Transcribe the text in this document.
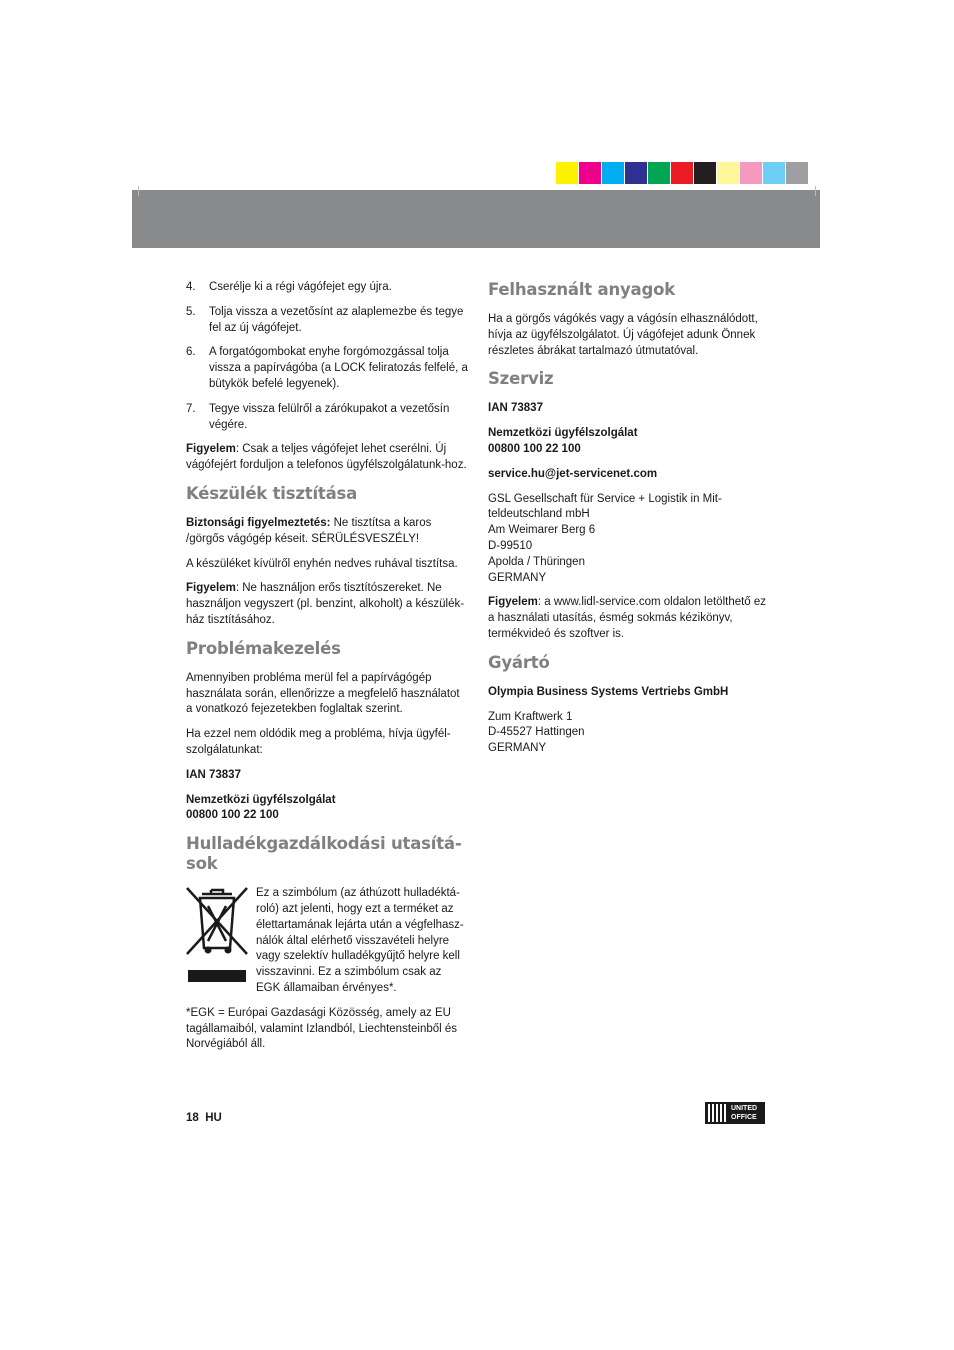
4. Cserélje ki a régi vágófejet egy újra.
5. Tolja vissza a vezetősínt az alaplemezbe és tegye fel az új vágófejet.
6. A forgatógombokat enyhe forgómozgással tolja vissza a papírvágóba (a LOCK feliratozás felfelé, a bütykök befelé legyenek).
7. Tegye vissza felülről a zárókupakot a vezetősín végére.

Figyelem: Csak a teljes vágófejet lehet cserélni. Új vágófejért forduljon a telefonos ügyfélszolgálatunk-hoz.

Készülék tisztítása

Biztonsági figyelmeztetés: Ne tisztítsa a karos /görgős vágógép késeit. SÉRÜLÉSVESZÉLY!

A készüléket kívülről enyhén nedves ruhával tisztítsa.

Figyelem: Ne használjon erős tisztítószereket. Ne használjon vegyszert (pl. benzint, alkoholt) a készülék-ház tisztításához.

Problémakezelés

Amennyiben probléma merül fel a papírvágógép használata során, ellenőrizze a megfelelő használatot a vonatkozó fejezetekben foglaltak szerint.

Ha ezzel nem oldódik meg a probléma, hívja ügyfél-szolgálatunkat:

IAN 73837

Nemzetközi ügyfélszolgálat
00800 100 22 100

Hulladékgazdálkodási utasítá-sok
Ez a szimbólum (az áthúzott hulladéktá-roló) azt jelenti, hogy ezt a terméket az élettartamának lejárta után a végfelhasz-nálók által elérhető visszavételi helyre vagy szelektív hulladékgyűjtő helyre kell visszavinni. Ez a szimbólum csak az EGK államaiban érvényes*.

*EGK = Európai Gazdasági Közösség, amely az EU tagállamaiból, valamint Izlandból, Liechtensteinből és Norvégiából áll.

Felhasznált anyagok

Ha a görgős vágókés vagy a vágósín elhasználódott, hívja az ügyfélszolgálatot. Új vágófejet adunk Önnek részletes ábrákat tartalmazó útmutatóval.

Szerviz

IAN 73837

Nemzetközi ügyfélszolgálat
00800 100 22 100

service.hu@jet-servicenet.com

GSL Gesellschaft für Service + Logistik in Mit-
teldeutschland mbH
Am Weimarer Berg 6
D-99510
Apolda / Thüringen
GERMANY

Figyelem: a www.lidl-service.com oldalon letölthető ez a használati utasítás, ésmég sokmás kézikönyv, termékvideó és szoftver is.

Gyártó

Olympia Business Systems Vertriebs GmbH

Zum Kraftwerk 1
D-45527 Hattingen
GERMANY

18 HU
UNITED
OFFICE
